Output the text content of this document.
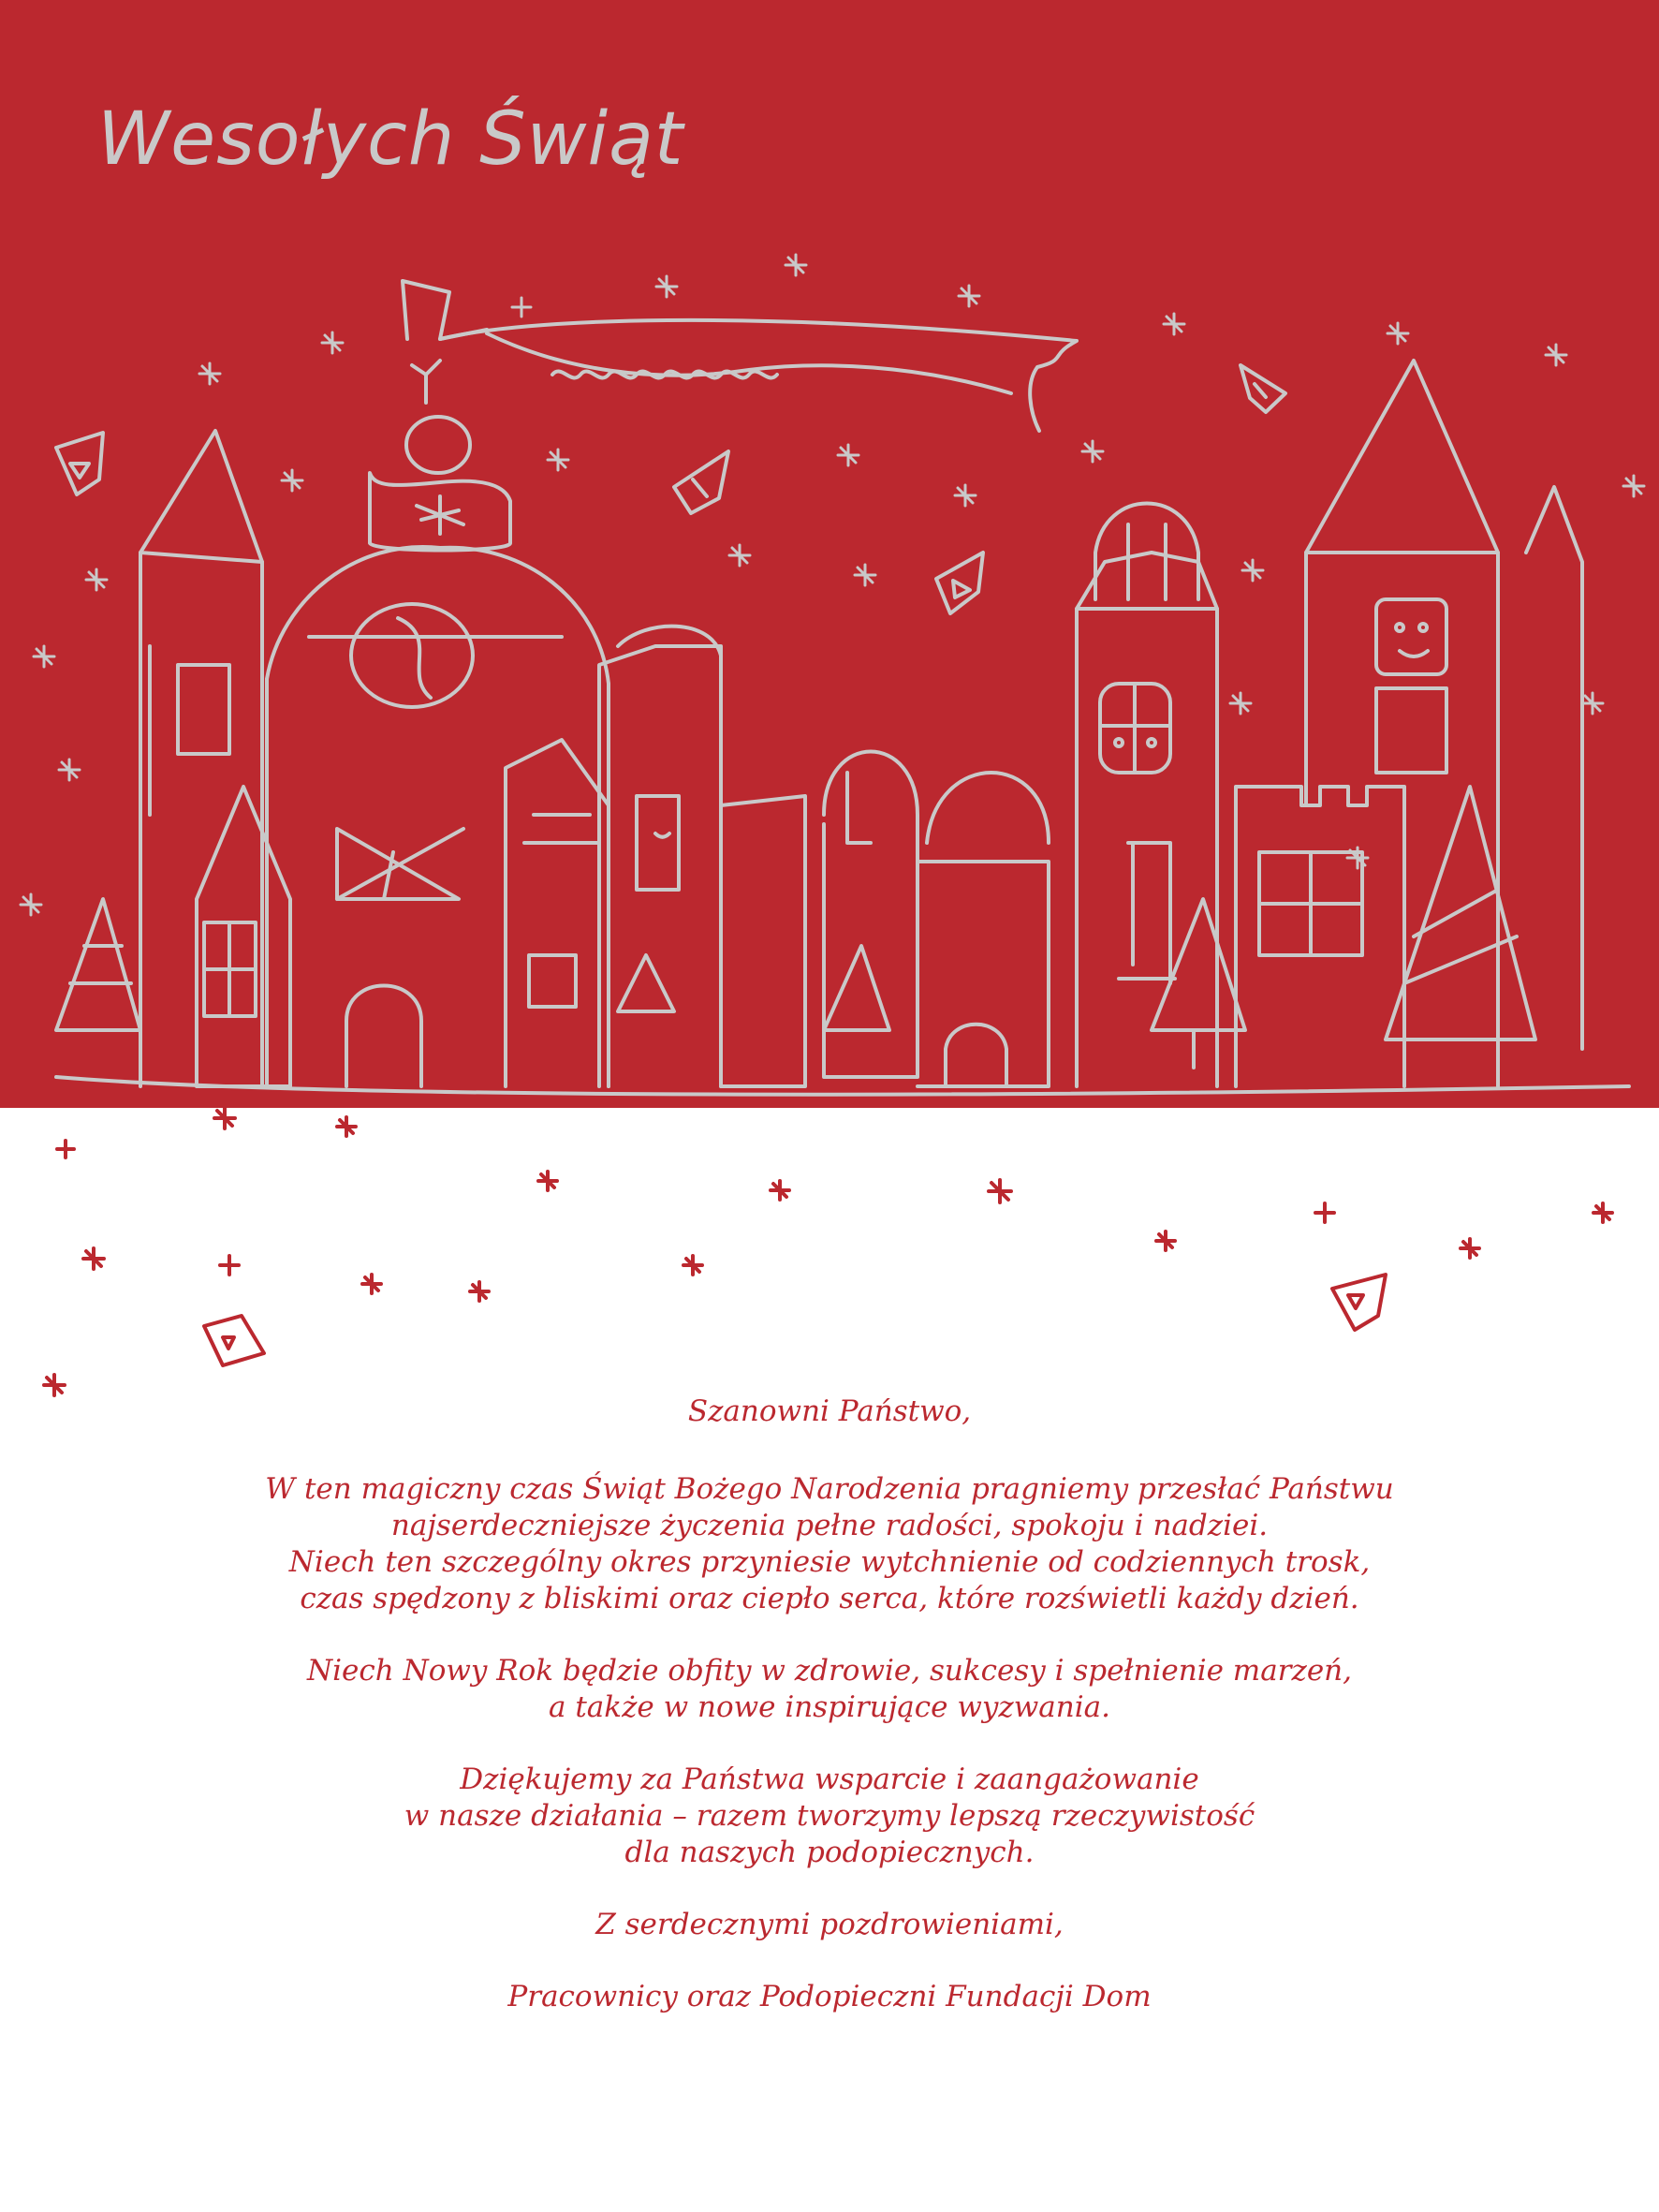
Wesołych Świąt

Szanowni Państwo,

W ten magiczny czas Świąt Bożego Narodzenia pragniemy przesłać Państwu

najserdeczniejsze życzenia pełne radości, spokoju i nadziei.

Niech ten szczególny okres przyniesie wytchnienie od codziennych trosk,

czas spędzony z bliskimi oraz ciepło serca, które rozświetli każdy dzień.

Niech Nowy Rok będzie obfity w zdrowie, sukcesy i spełnienie marzeń,

a także w nowe inspirujące wyzwania.

Dziękujemy za Państwa wsparcie i zaangażowanie

w nasze działania – razem tworzymy lepszą rzeczywistość

dla naszych podopiecznych.

Z serdecznymi pozdrowieniami,

Pracownicy oraz Podopieczni Fundacji Dom
